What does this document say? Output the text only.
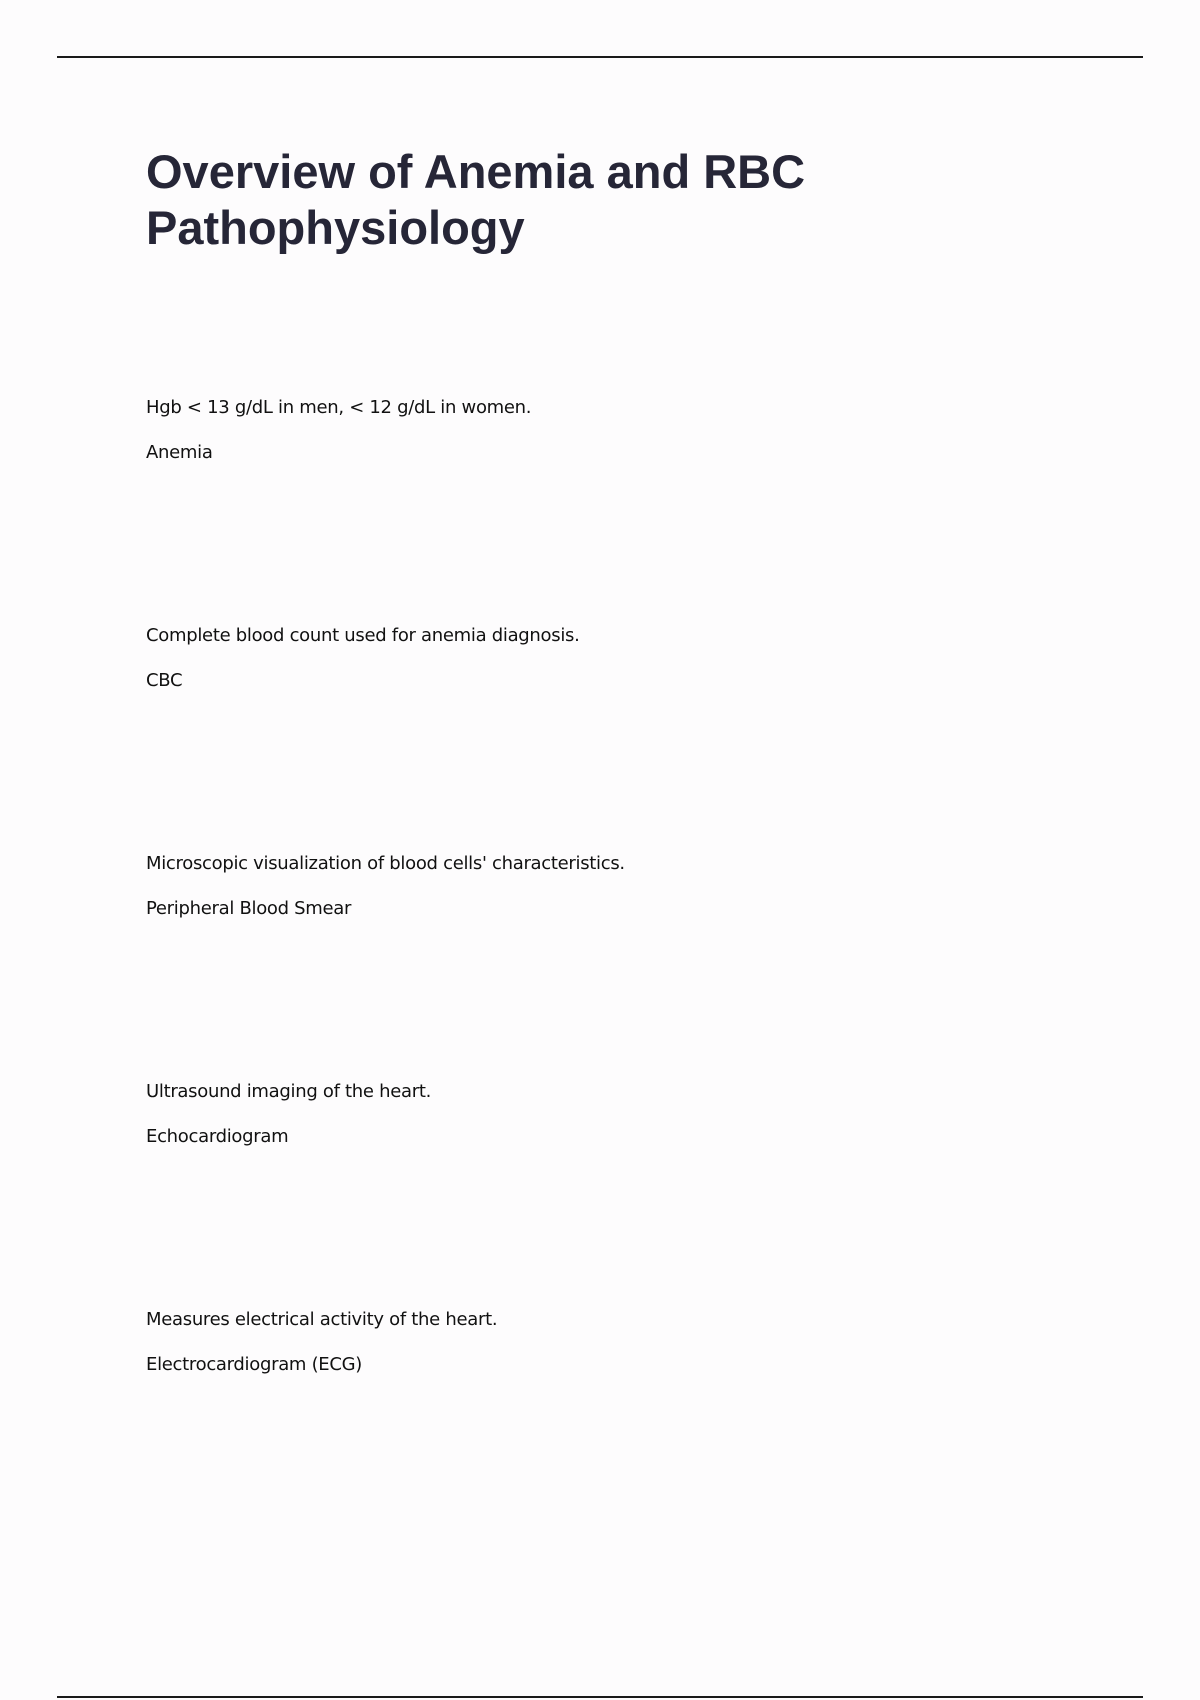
Overview of Anemia and RBC Pathophysiology

Hgb < 13 g/dL in men, < 12 g/dL in women.

Anemia

Complete blood count used for anemia diagnosis.

CBC

Microscopic visualization of blood cells' characteristics.

Peripheral Blood Smear

Ultrasound imaging of the heart.

Echocardiogram

Measures electrical activity of the heart.

Electrocardiogram (ECG)
